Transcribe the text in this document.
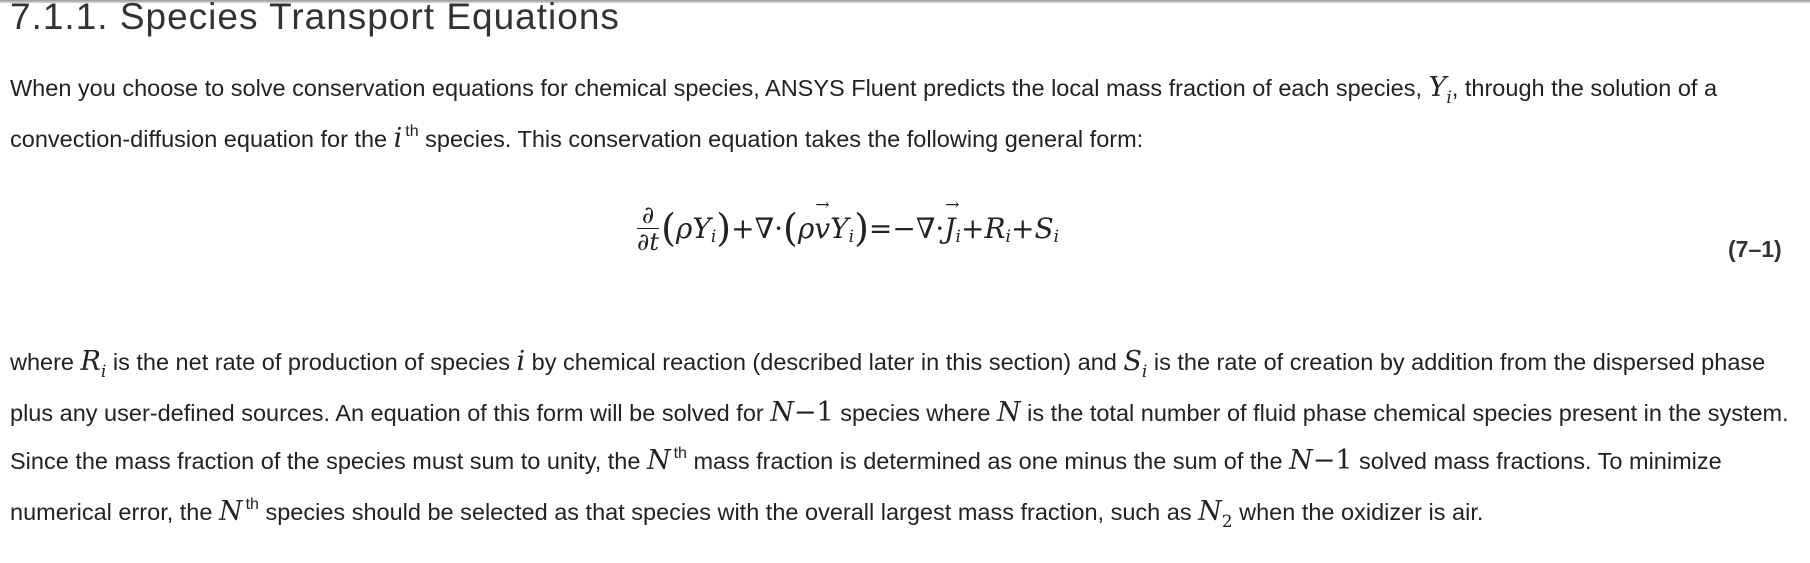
7.1.1. Species Transport Equations

When you choose to solve conservation equations for chemical species, ANSYS Fluent predicts the local mass fraction of each species, $Y_i$, through the solution of a convection-diffusion equation for the i $^{th}$ species. This conservation equation takes the following general form:

$\frac{\partial}{\partial t} (\rho Y_i)+\nabla\cdot(\rho\to vY_i)=-\nabla\cdot\to J_i+R_i+S_i$	(7–1)

where $R_i$ is the net rate of production of species i by chemical reaction (described later in this section) and $S_i$ is the rate of creation by addition from the dispersed phase plus any user-defined sources. An equation of this form will be solved for N−1 species where N is the total number of fluid phase chemical species present in the system. Since the mass fraction of the species must sum to unity, the N $^{th}$ mass fraction is determined as one minus the sum of the N−1 solved mass fractions. To minimize numerical error, the N $^{th}$ species should be selected as that species with the overall largest mass fraction, such as $N_2$ when the oxidizer is air.
